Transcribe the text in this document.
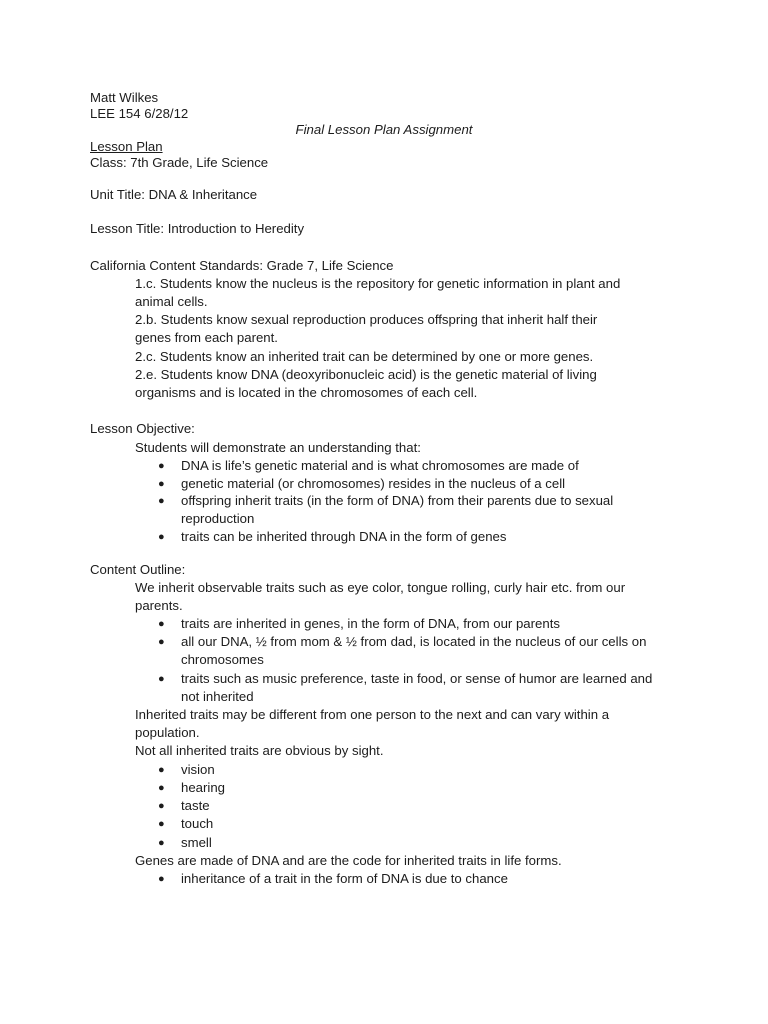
Matt Wilkes

LEE 154 6/28/12

Final Lesson Plan Assignment

Lesson Plan

Class: 7th Grade, Life Science

Unit Title: DNA & Inheritance

Lesson Title: Introduction to Heredity

California Content Standards: Grade 7, Life Science

1.c. Students know the nucleus is the repository for genetic information in plant and

animal cells.

2.b. Students know sexual reproduction produces offspring that inherit half their

genes from each parent.

2.c. Students know an inherited trait can be determined by one or more genes.

2.e. Students know DNA (deoxyribonucleic acid) is the genetic material of living

organisms and is located in the chromosomes of each cell.

Lesson Objective:

Students will demonstrate an understanding that:

● DNA is life’s genetic material and is what chromosomes are made of

● genetic material (or chromosomes) resides in the nucleus of a cell

● offspring inherit traits (in the form of DNA) from their parents due to sexual

reproduction

● traits can be inherited through DNA in the form of genes

Content Outline:

We inherit observable traits such as eye color, tongue rolling, curly hair etc. from our

parents.

● traits are inherited in genes, in the form of DNA, from our parents

● all our DNA, ½ from mom & ½ from dad, is located in the nucleus of our cells on

chromosomes

● traits such as music preference, taste in food, or sense of humor are learned and

not inherited

Inherited traits may be different from one person to the next and can vary within a

population.

Not all inherited traits are obvious by sight.

● vision

● hearing

● taste

● touch

● smell

Genes are made of DNA and are the code for inherited traits in life forms.

● inheritance of a trait in the form of DNA is due to chance
